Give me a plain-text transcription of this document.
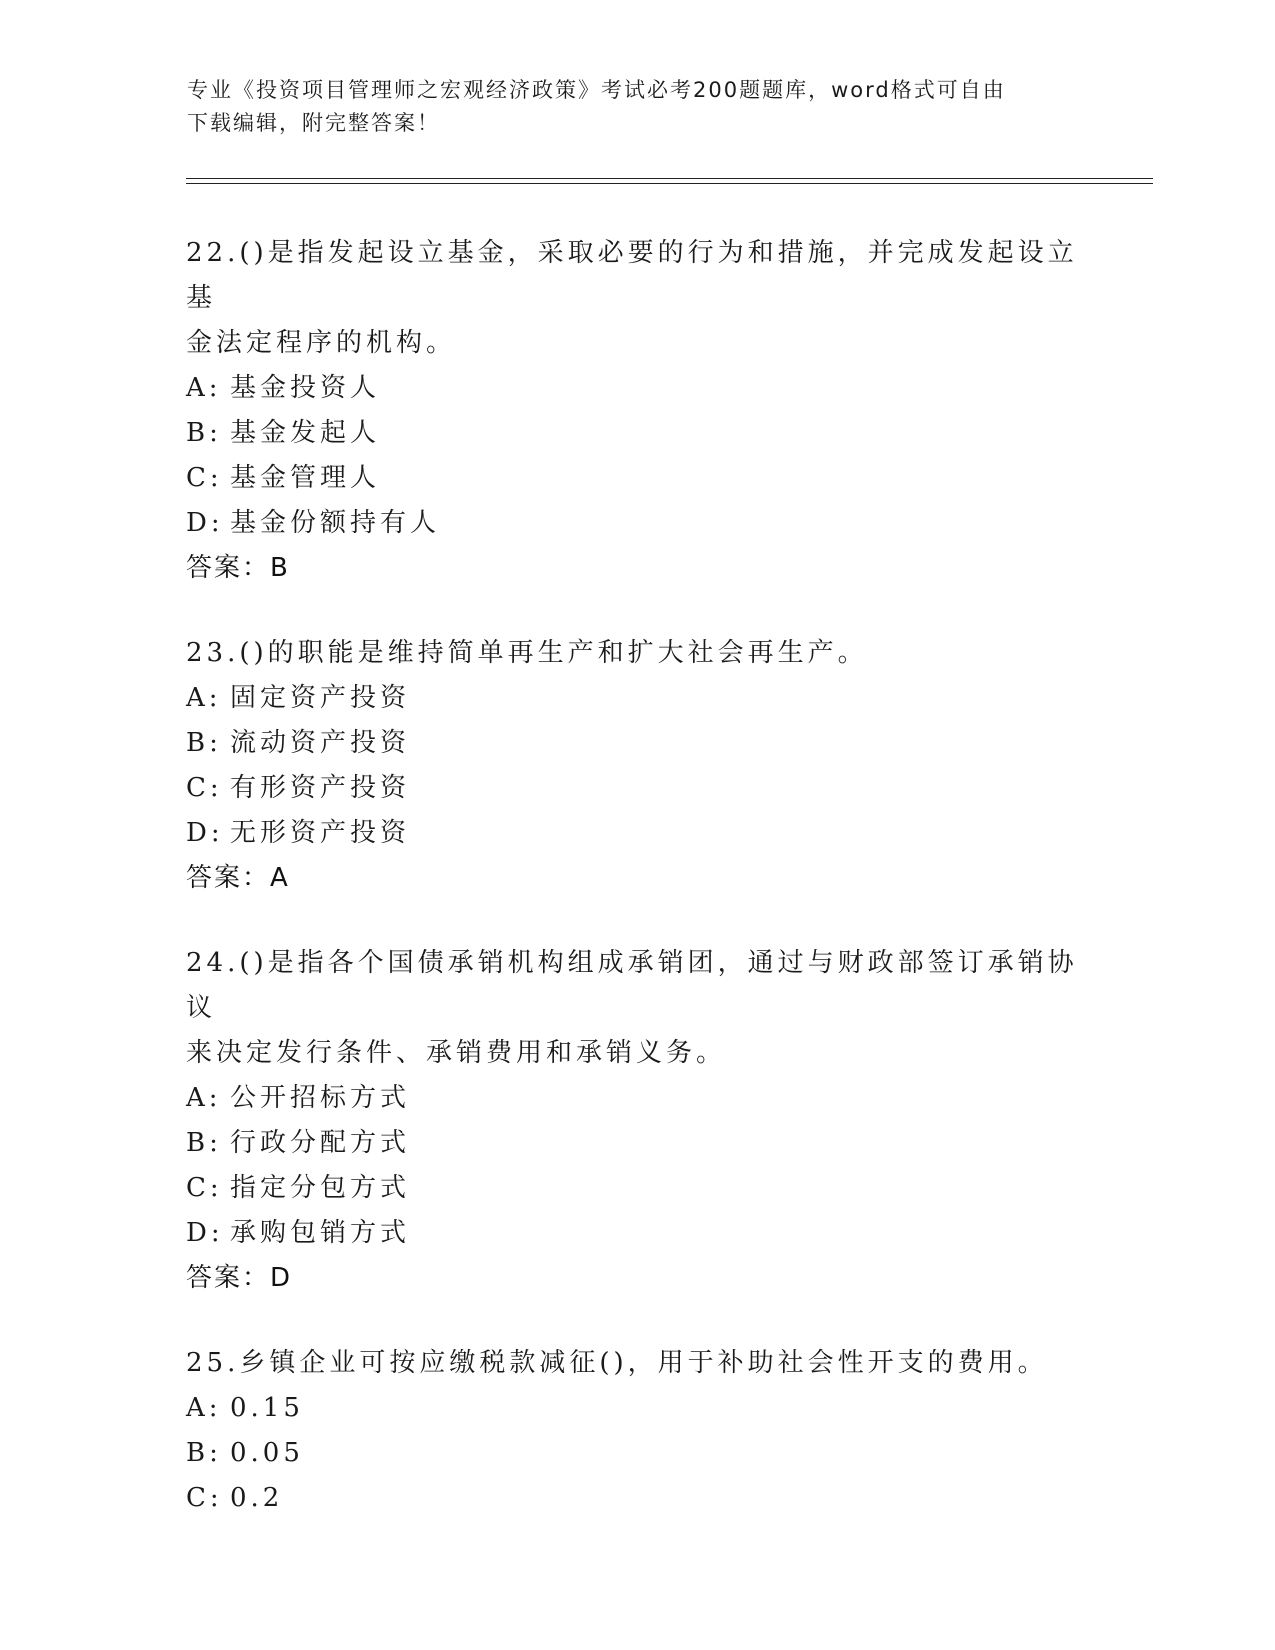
专业《投资项目管理师之宏观经济政策》考试必考200题题库，word格式可自由
下载编辑，附完整答案！

22.()是指发起设立基金，采取必要的行为和措施，并完成发起设立基

金法定程序的机构。

A: 基金投资人

B: 基金发起人

C: 基金管理人

D: 基金份额持有人

答案：B

23.()的职能是维持简单再生产和扩大社会再生产。

A: 固定资产投资

B: 流动资产投资

C: 有形资产投资

D: 无形资产投资

答案：A

24.()是指各个国债承销机构组成承销团，通过与财政部签订承销协议

来决定发行条件、承销费用和承销义务。

A: 公开招标方式

B: 行政分配方式

C: 指定分包方式

D: 承购包销方式

答案：D

25.乡镇企业可按应缴税款减征()，用于补助社会性开支的费用。

A: 0.15

B: 0.05

C: 0.2
